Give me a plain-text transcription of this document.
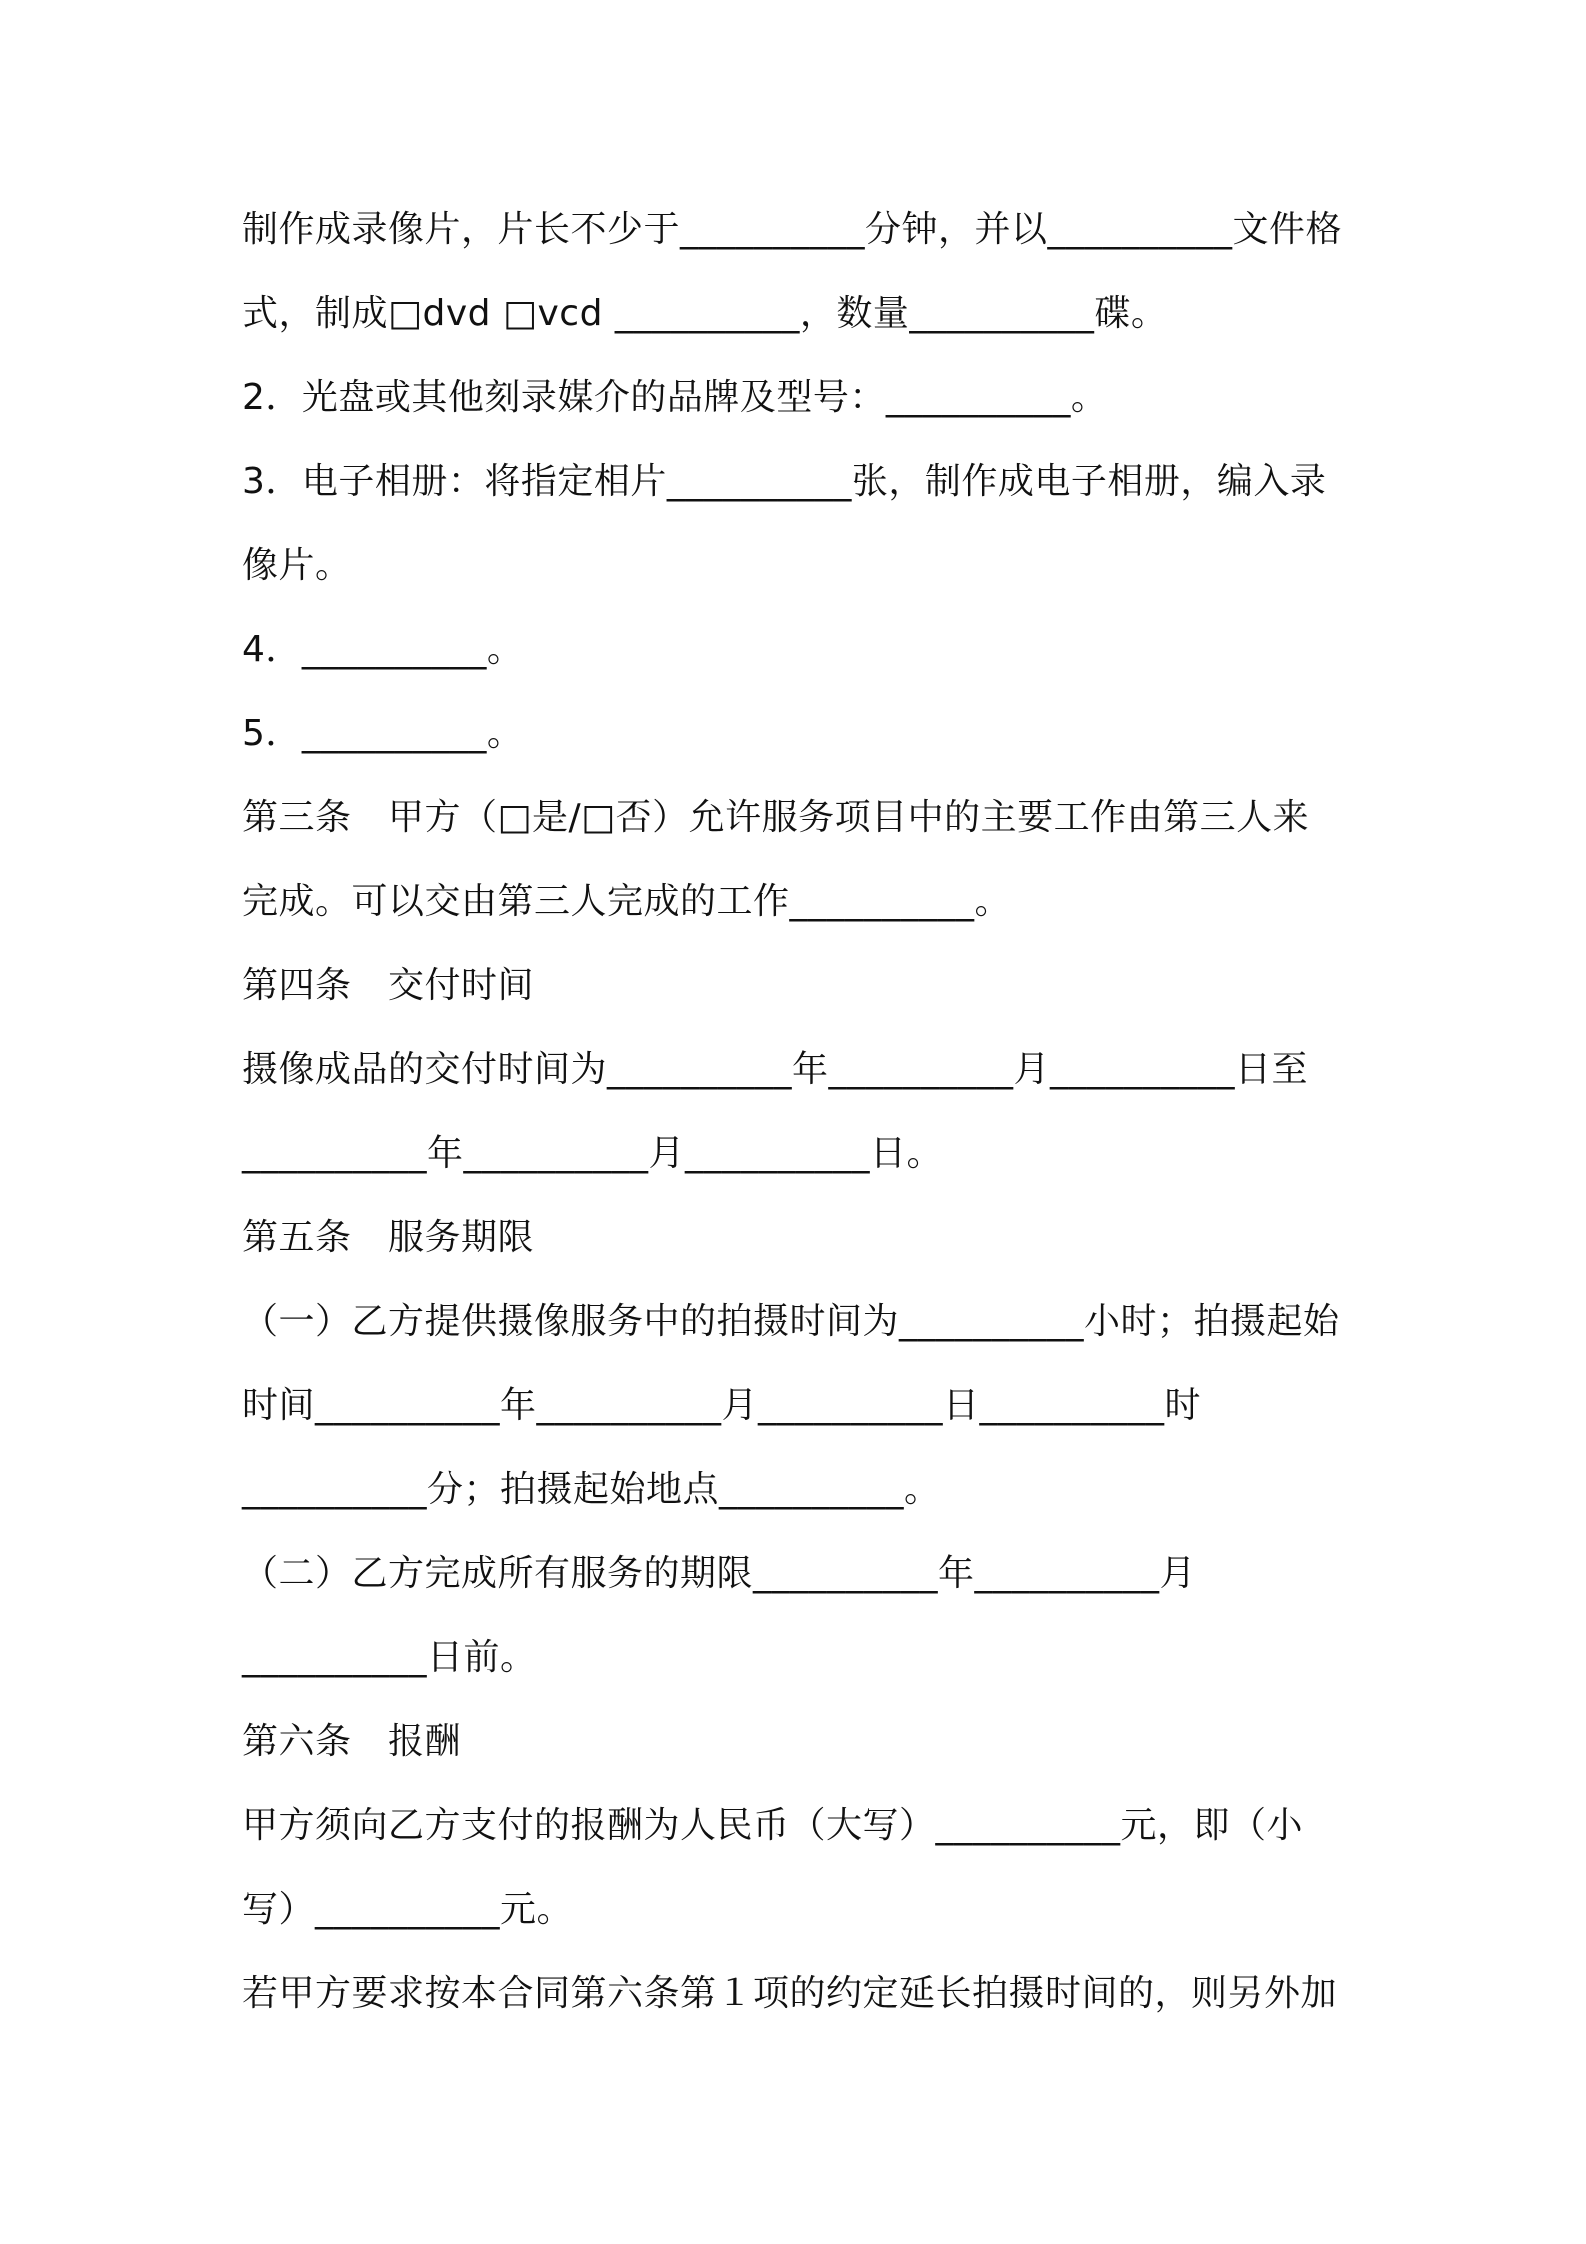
制作成录像片，片长不少于__________分钟，并以__________文件格
式，制成□dvd □vcd __________，数量__________碟。
2．光盘或其他刻录媒介的品牌及型号：__________。
3．电子相册：将指定相片__________张，制作成电子相册，编入录
像片。
4．__________。
5．__________。
第三条　甲方（□是/□否）允许服务项目中的主要工作由第三人来
完成。可以交由第三人完成的工作__________。
第四条　交付时间
摄像成品的交付时间为__________年__________月__________日至
__________年__________月__________日。
第五条　服务期限
（一）乙方提供摄像服务中的拍摄时间为__________小时；拍摄起始
时间__________年__________月__________日__________时
__________分；拍摄起始地点__________。
（二）乙方完成所有服务的期限__________年__________月
__________日前。
第六条　报酬
甲方须向乙方支付的报酬为人民币（大写）__________元，即（小
写）__________元。
若甲方要求按本合同第六条第１项的约定延长拍摄时间的，则另外加
